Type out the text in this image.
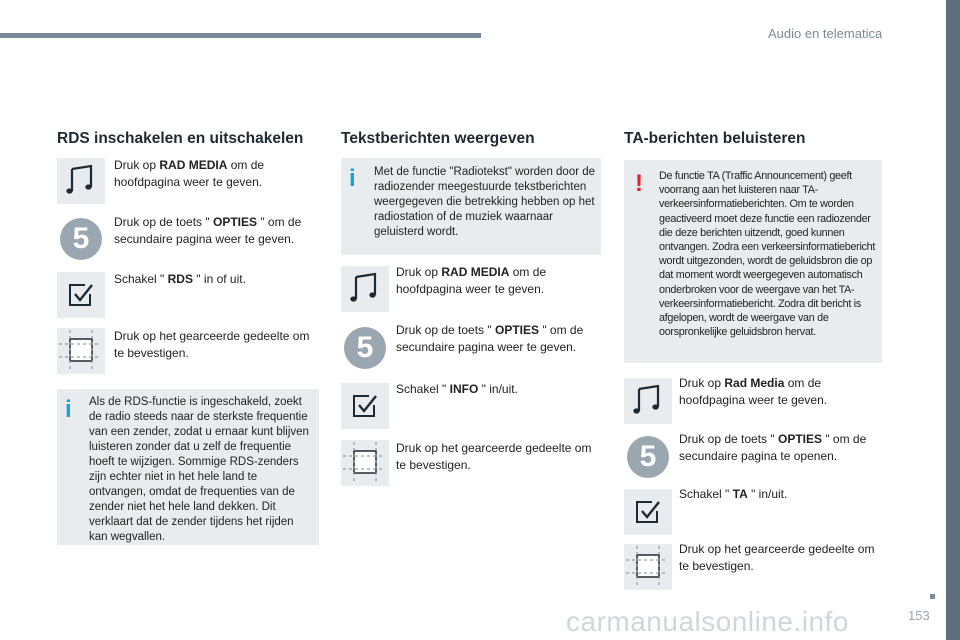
Audio en telematica
153
carmanualsonline.info
RDS inschakelen en uitschakelen
Druk op RAD MEDIA om de hoofdpagina weer te geven.
5	Druk op de toets " OPTIES " om de secundaire pagina weer te geven.
Schakel " RDS " in of uit.
Druk op het gearceerde gedeelte om te bevestigen.
i Als de RDS-functie is ingeschakeld, zoekt de radio steeds naar de sterkste frequentie van een zender, zodat u ernaar kunt blijven luisteren zonder dat u zelf de frequentie hoeft te wijzigen. Sommige RDS-zenders zijn echter niet in het hele land te ontvangen, omdat de frequenties van de zender niet het hele land dekken. Dit verklaart dat de zender tijdens het rijden kan wegvallen.
Tekstberichten weergeven
i Met de functie "Radiotekst" worden door de radiozender meegestuurde tekstberichten weergegeven die betrekking hebben op het radiostation of de muziek waarnaar geluisterd wordt.
Druk op RAD MEDIA om de hoofdpagina weer te geven.
5
Druk op de toets " OPTIES " om de secundaire pagina weer te geven.
Schakel " INFO " in/uit.
Druk op het gearceerde gedeelte om te bevestigen.
TA-berichten beluisteren
! De functie TA (Traffic Announcement) geeft voorrang aan het luisteren naar TA-verkeersinformatieberichten. Om te worden geactiveerd moet deze functie een radiozender die deze berichten uitzendt, goed kunnen ontvangen. Zodra een verkeersinformatiebericht wordt uitgezonden, wordt de geluidsbron die op dat moment wordt weergegeven automatisch onderbroken voor de weergave van het TA-verkeersinformatiebericht. Zodra dit bericht is afgelopen, wordt de weergave van de oorspronkelijke geluidsbron hervat.
Druk op Rad Media om de hoofdpagina weer te geven.
5
Druk op de toets " OPTIES " om de secundaire pagina te openen.
Schakel " TA " in/uit.
Druk op het gearceerde gedeelte om te bevestigen.
